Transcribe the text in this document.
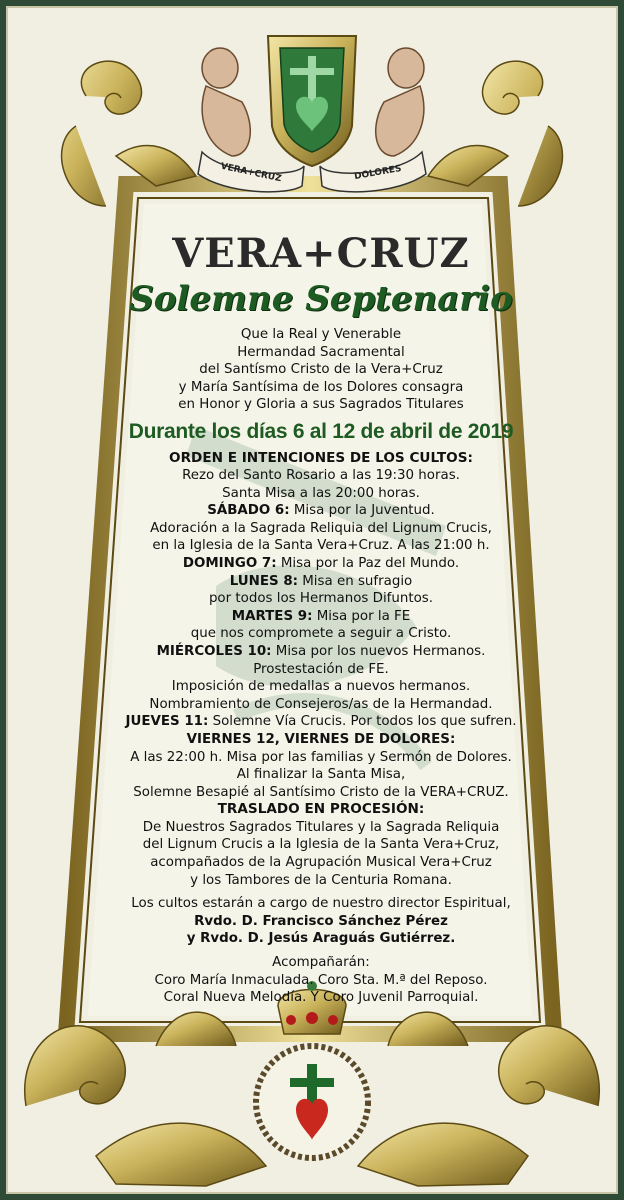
VERA+CRUZ	DOLORES
VERA+CRUZ
Solemne Septenario
Que la Real y Venerable
Hermandad Sacramental
del Santísmo Cristo de la Vera+Cruz
y María Santísima de los Dolores consagra
en Honor y Gloria a sus Sagrados Titulares
Durante los días 6 al 12 de abril de 2019
ORDEN E INTENCIONES DE LOS CULTOS:
Rezo del Santo Rosario a las 19:30 horas.
Santa Misa a las 20:00 horas.
SÁBADO 6: Misa por la Juventud.
Adoración a la Sagrada Reliquia del Lignum Crucis,
en la Iglesia de la Santa Vera+Cruz. A las 21:00 h.
DOMINGO 7: Misa por la Paz del Mundo.
LUNES 8: Misa en sufragio
por todos los Hermanos Difuntos.
MARTES 9: Misa por la FE
que nos compromete a seguir a Cristo.
MIÉRCOLES 10: Misa por los nuevos Hermanos.
Prostestación de FE.
Imposición de medallas a nuevos hermanos.
Nombramiento de Consejeros/as de la Hermandad.
JUEVES 11: Solemne Vía Crucis. Por todos los que sufren.
VIERNES 12, VIERNES DE DOLORES:
A las 22:00 h. Misa por las familias y Sermón de Dolores.
Al finalizar la Santa Misa,
Solemne Besapié al Santísimo Cristo de la VERA+CRUZ.
TRASLADO EN PROCESIÓN:
De Nuestros Sagrados Titulares y la Sagrada Reliquia
del Lignum Crucis a la Iglesia de la Santa Vera+Cruz,
acompañados de la Agrupación Musical Vera+Cruz
y los Tambores de la Centuria Romana.
Los cultos estarán a cargo de nuestro director Espiritual,
Rvdo. D. Francisco Sánchez Pérez
y Rvdo. D. Jesús Araguás Gutiérrez.
Acompañarán:
Coro María Inmaculada. Coro Sta. M.ª del Reposo.
Coral Nueva Melodía. Y Coro Juvenil Parroquial.
